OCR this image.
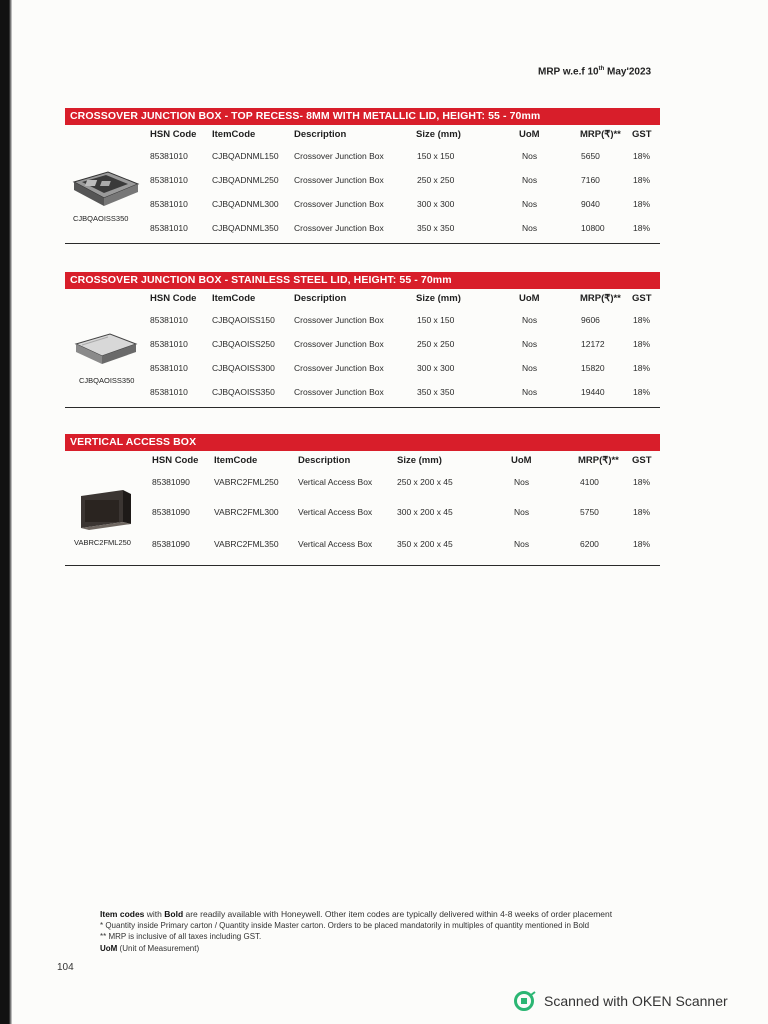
MRP w.e.f 10th May'2023
CROSSOVER JUNCTION BOX - TOP RECESS- 8MM WITH METALLIC LID, HEIGHT: 55 - 70mm
HSN Code ItemCode	Description	Size (mm)	UoM	MRP(₹)** GST
85381010	CJBQADNML150 Crossover Junction Box	150 x 150	Nos	5650	18%
85381010	CJBQADNML250 Crossover Junction Box	250 x 250	Nos	7160	18%
85381010	CJBQADNML300 Crossover Junction Box	300 x 300	Nos	9040	18%
85381010	CJBQADNML350 Crossover Junction Box	350 x 350	Nos	10800	18%
CJBQAOISS350
CROSSOVER JUNCTION BOX - STAINLESS STEEL LID, HEIGHT: 55 - 70mm
HSN Code ItemCode	Description	Size (mm)	UoM	MRP(₹)** GST
85381010	CJBQAOISS150 Crossover Junction Box	150 x 150	Nos	9606	18%
85381010	CJBQAOISS250 Crossover Junction Box	250 x 250	Nos	12172	18%
85381010	CJBQAOISS300 Crossover Junction Box	300 x 300	Nos	15820	18%
85381010	CJBQAOISS350 Crossover Junction Box	350 x 350	Nos	19440	18%
CJBQAOISS350
VERTICAL ACCESS BOX
HSN Code ItemCode	Description	Size (mm)	UoM	MRP(₹)** GST
85381090	VABRC2FML250 Vertical Access Box	250 x 200 x 45	Nos	4100	18%
85381090	VABRC2FML300 Vertical Access Box	300 x 200 x 45	Nos	5750	18%
85381090	VABRC2FML350 Vertical Access Box	350 x 200 x 45	Nos	6200	18%
VABRC2FML250
Item codes with Bold are readily available with Honeywell. Other item codes are typically delivered within 4-8 weeks of order placement
* Quantity inside Primary carton / Quantity inside Master carton. Orders to be placed mandatorily in multiples of quantity mentioned in Bold
** MRP is inclusive of all taxes including GST.
UoM (Unit of Measurement)
104
Scanned with OKEN Scanner
